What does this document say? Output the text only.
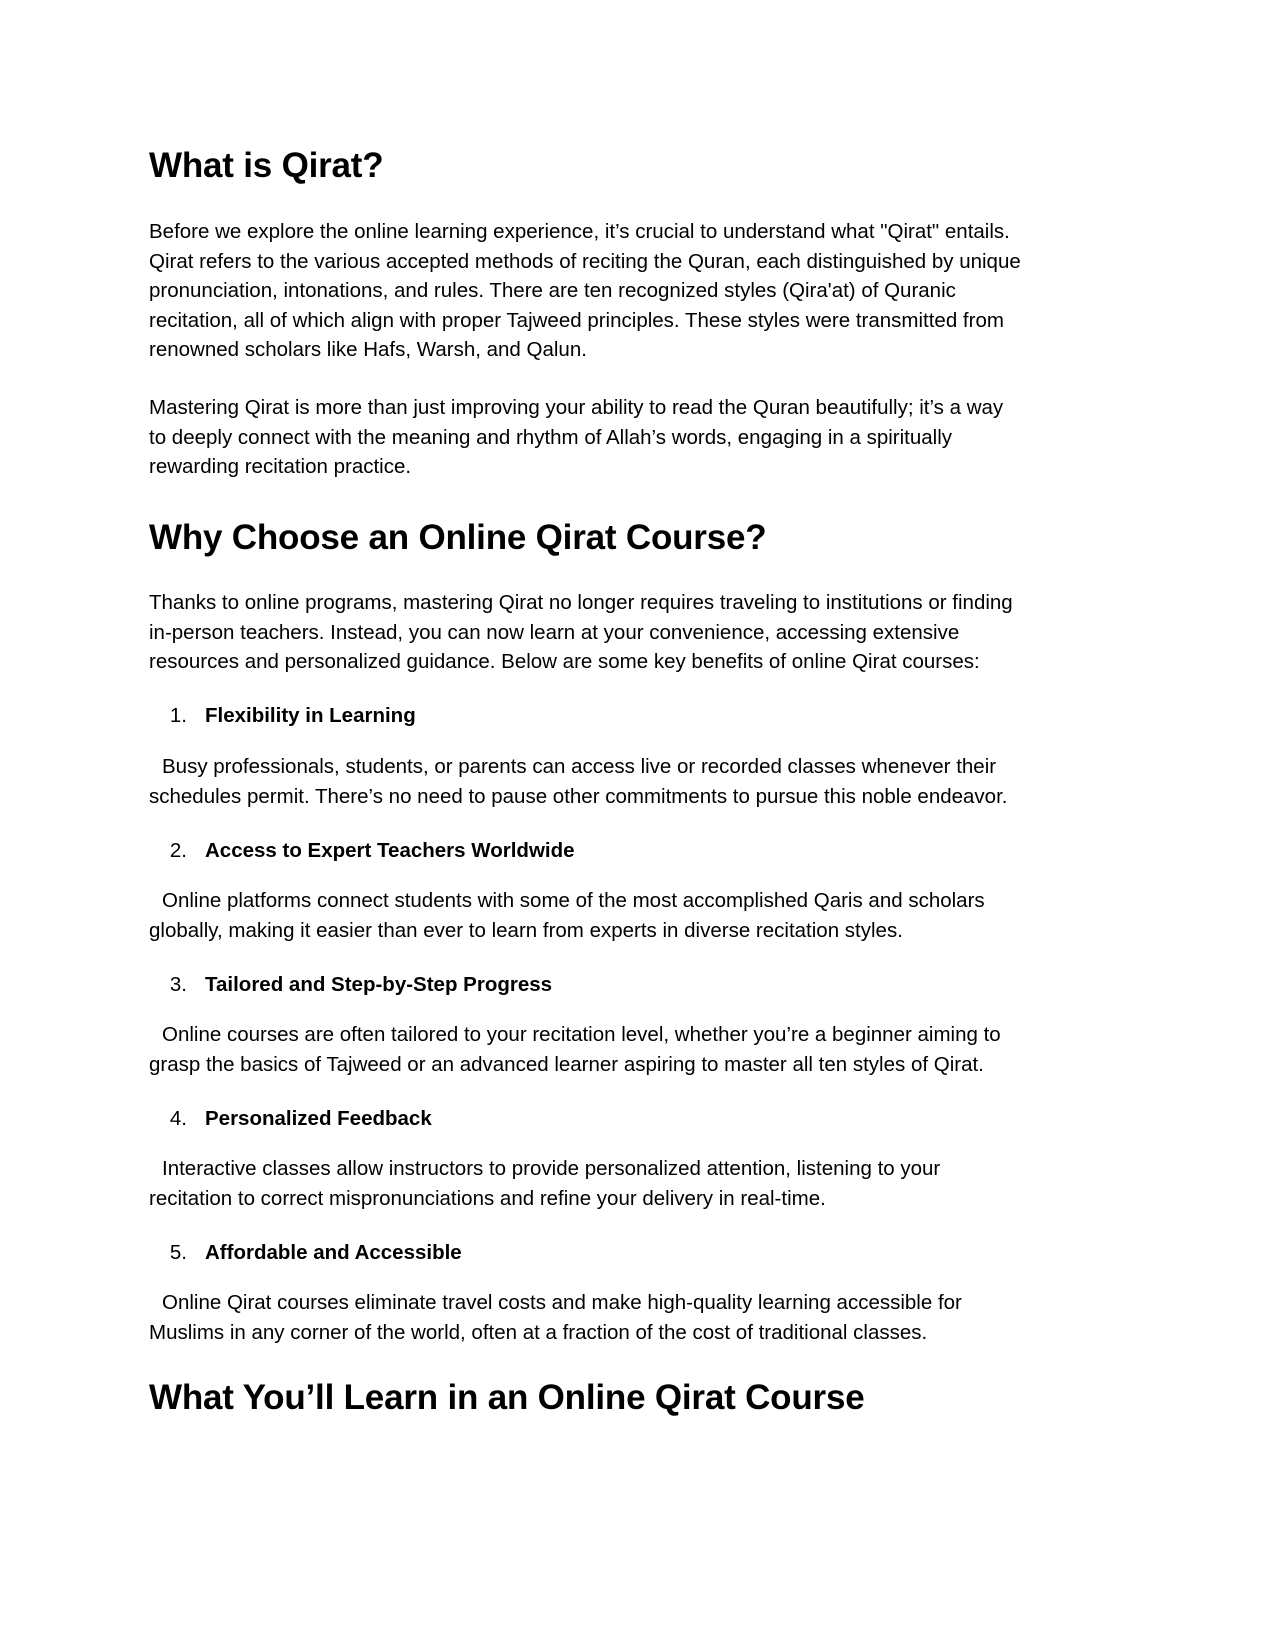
What is Qirat?
Before we explore the online learning experience, it’s crucial to understand what "Qirat" entails.
Qirat refers to the various accepted methods of reciting the Quran, each distinguished by unique
pronunciation, intonations, and rules. There are ten recognized styles (Qira'at) of Quranic
recitation, all of which align with proper Tajweed principles. These styles were transmitted from
renowned scholars like Hafs, Warsh, and Qalun.
Mastering Qirat is more than just improving your ability to read the Quran beautifully; it’s a way
to deeply connect with the meaning and rhythm of Allah’s words, engaging in a spiritually
rewarding recitation practice.
Why Choose an Online Qirat Course?
Thanks to online programs, mastering Qirat no longer requires traveling to institutions or finding
in-person teachers. Instead, you can now learn at your convenience, accessing extensive
resources and personalized guidance. Below are some key benefits of online Qirat courses:
1. Flexibility in Learning
Busy professionals, students, or parents can access live or recorded classes whenever their
schedules permit. There’s no need to pause other commitments to pursue this noble endeavor.
2. Access to Expert Teachers Worldwide
Online platforms connect students with some of the most accomplished Qaris and scholars
globally, making it easier than ever to learn from experts in diverse recitation styles.
3. Tailored and Step-by-Step Progress
Online courses are often tailored to your recitation level, whether you’re a beginner aiming to
grasp the basics of Tajweed or an advanced learner aspiring to master all ten styles of Qirat.
4. Personalized Feedback
Interactive classes allow instructors to provide personalized attention, listening to your
recitation to correct mispronunciations and refine your delivery in real-time.
5. Affordable and Accessible
Online Qirat courses eliminate travel costs and make high-quality learning accessible for
Muslims in any corner of the world, often at a fraction of the cost of traditional classes.
What You’ll Learn in an Online Qirat Course
